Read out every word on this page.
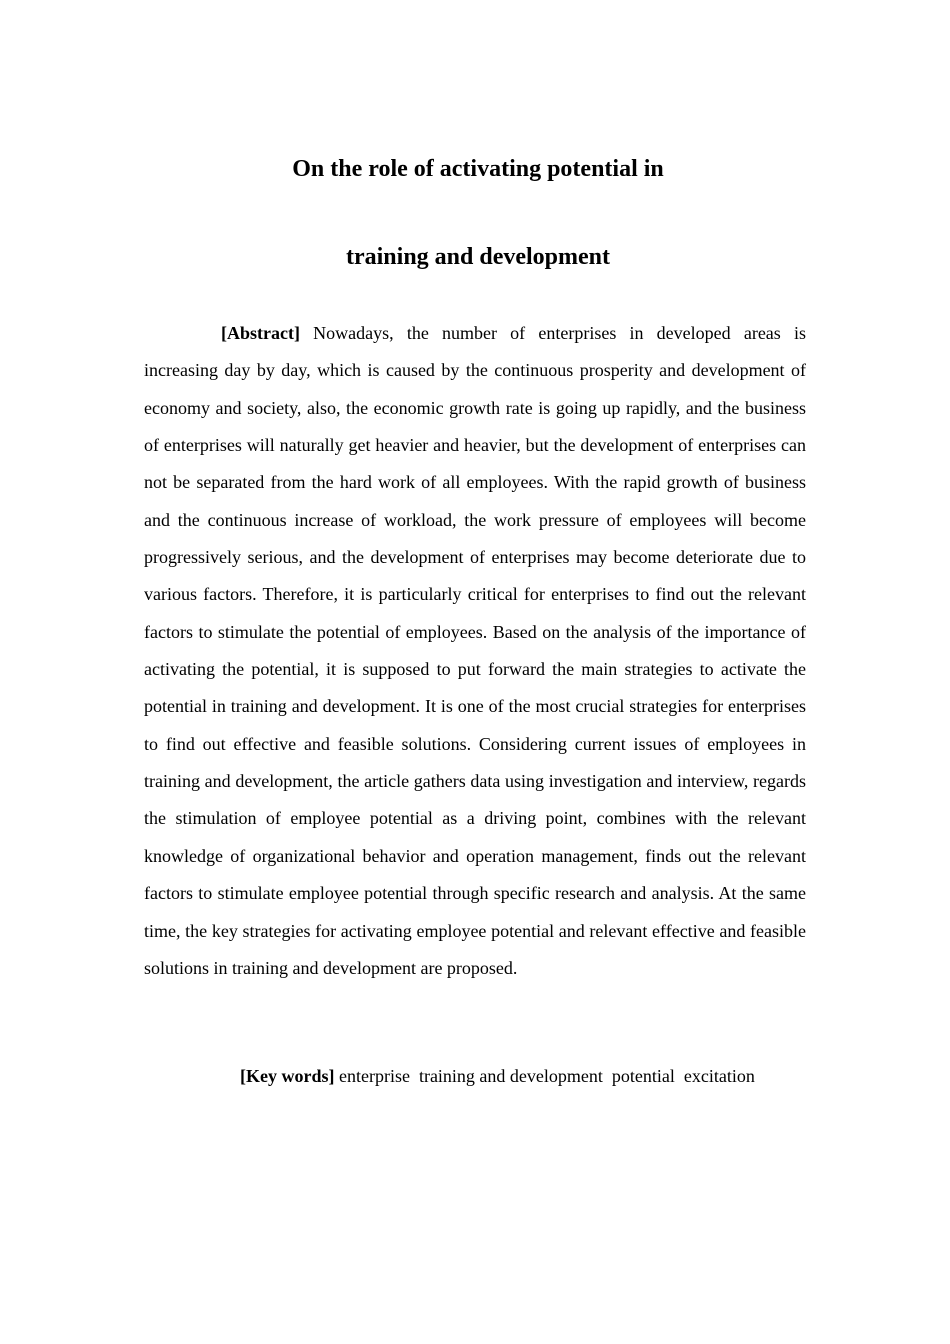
On the role of activating potential in
training and development

[Abstract] Nowadays, the number of enterprises in developed areas is increasing day by day, which is caused by the continuous prosperity and development of economy and society, also, the economic growth rate is going up rapidly, and the business of enterprises will naturally get heavier and heavier, but the development of enterprises can not be separated from the hard work of all employees. With the rapid growth of business and the continuous increase of workload, the work pressure of employees will become progressively serious, and the development of enterprises may become deteriorate due to various factors. Therefore, it is particularly critical for enterprises to find out the relevant factors to stimulate the potential of employees. Based on the analysis of the importance of activating the potential, it is supposed to put forward the main strategies to activate the potential in training and development. It is one of the most crucial strategies for enterprises to find out effective and feasible solutions. Considering current issues of employees in training and development, the article gathers data using investigation and interview, regards the stimulation of employee potential as a driving point, combines with the relevant knowledge of organizational behavior and operation management, finds out the relevant factors to stimulate employee potential through specific research and analysis. At the same time, the key strategies for activating employee potential and relevant effective and feasible solutions in training and development are proposed.

[Key words] enterprise  training and development  potential  excitation
